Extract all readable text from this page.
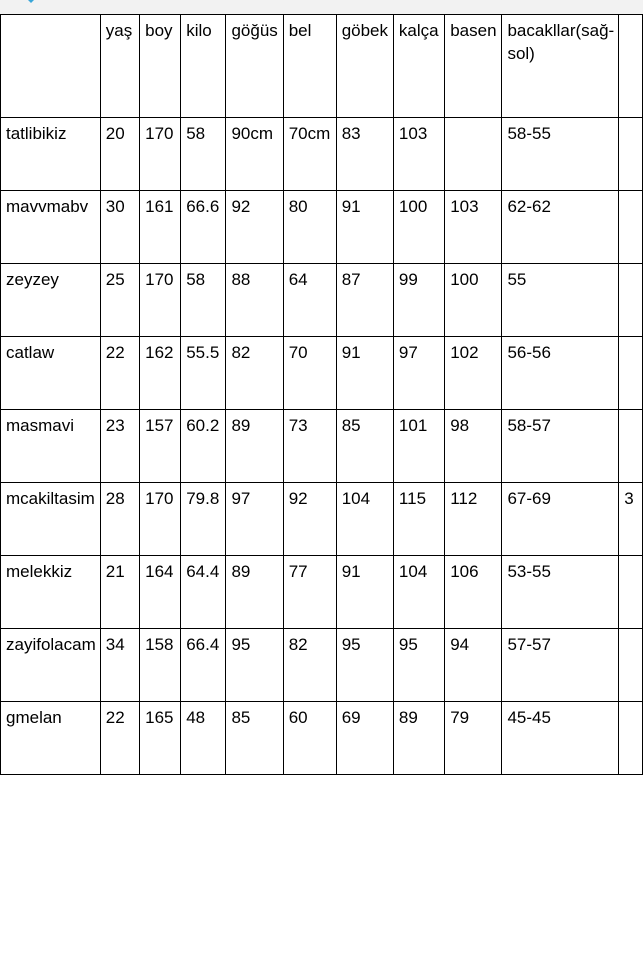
	yaş	boy	kilo	göğüs	bel	göbek	kalça	basen	bacakllar(sağ-sol)	
tatlibikiz	20	170	58	90cm	70cm	83	103		58-55	
mavvmabv	30	161	66.6	92	80	91	100	103	62-62	
zeyzey	25	170	58	88	64	87	99	100	55	
catlaw	22	162	55.5	82	70	91	97	102	56-56	
masmavi	23	157	60.2	89	73	85	101	98	58-57	
mcakiltasim	28	170	79.8	97	92	104	115	112	67-69	3
melekkiz	21	164	64.4	89	77	91	104	106	53-55	
zayifolacam	34	158	66.4	95	82	95	95	94	57-57	
gmelan	22	165	48	85	60	69	89	79	45-45	
